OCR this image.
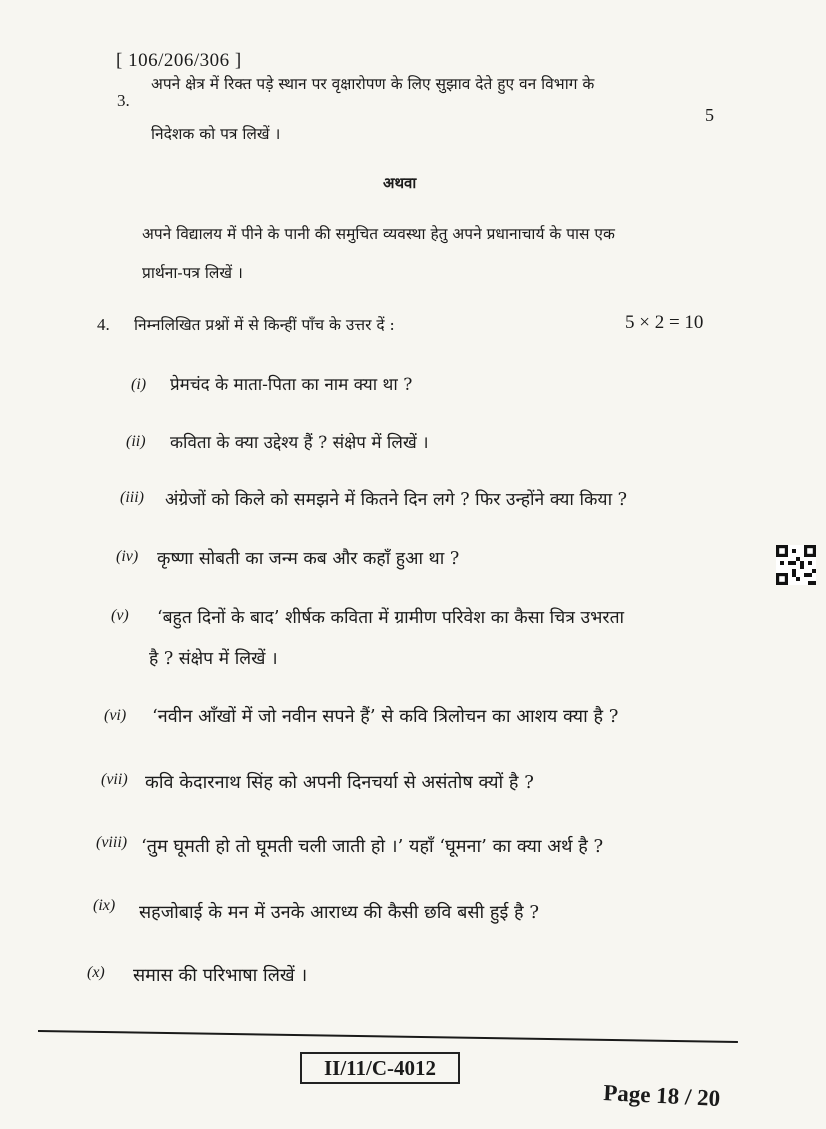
[ 106/206/306 ]
3.
अपने क्षेत्र में रिक्त पड़े स्थान पर वृक्षारोपण के लिए सुझाव देते हुए वन विभाग के
5
निदेशक को पत्र लिखें ।
अथवा
अपने विद्यालय में पीने के पानी की समुचित व्यवस्था हेतु अपने प्रधानाचार्य के पास एक
प्रार्थना-पत्र लिखें ।
4. निम्नलिखित प्रश्नों में से किन्हीं पाँच के उत्तर दें :	5 × 2 = 10
(i) प्रेमचंद के माता-पिता का नाम क्या था ?
(ii) कविता के क्या उद्देश्य हैं ? संक्षेप में लिखें ।
(iii) अंग्रेजों को किले को समझने में कितने दिन लगे ? फिर उन्होंने क्या किया ?
(iv) कृष्णा सोबती का जन्म कब और कहाँ हुआ था ?
(v) ‘बहुत दिनों के बाद’ शीर्षक कविता में ग्रामीण परिवेश का कैसा चित्र उभरता
है ? संक्षेप में लिखें ।
(vi) ‘नवीन आँखों में जो नवीन सपने हैं’ से कवि त्रिलोचन का आशय क्या है ?
(vii) कवि केदारनाथ सिंह को अपनी दिनचर्या से असंतोष क्यों है ?
(viii) ‘तुम घूमती हो तो घूमती चली जाती हो ।’ यहाँ ‘घूमना’ का क्या अर्थ है ?
(ix) सहजोबाई के मन में उनके आराध्य की कैसी छवि बसी हुई है ?
(x) समास की परिभाषा लिखें ।
II/11/C-4012
Page 18 / 20
